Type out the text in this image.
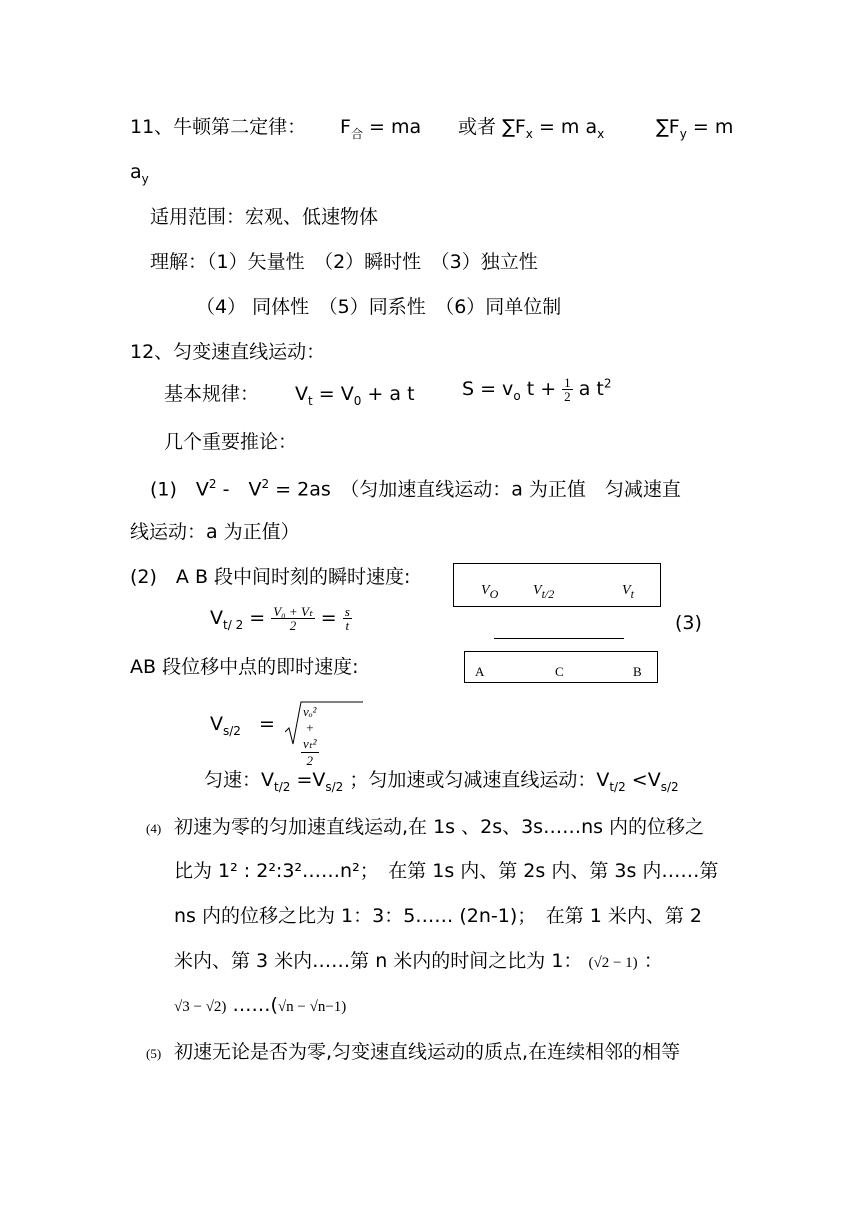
11、牛顿第二定律： $F_合$ = ma 或者 $\sum F_x = m$ $a_x$	$\sum F_y = m$
$a_y$
适用范围：宏观、低速物体
理解：（1）矢量性　（2）瞬时性　（3）独立性
（4） 同体性　（5）同系性　（6）同单位制
12、匀变速直线运动：
基本规律： $V_t = V_0 + a$ t $S = v_o$ $t + \frac{1}{2}$ a $t^2$
几个重要推论：
(1)　$V^2$ -　$V^2 = 2as$　（匀加速直线运动：a 为正值　匀减速直
线运动：a 为正值）
(2)　A B 段中间时刻的瞬时速度:
$V_O$ $V_{t/2}$	$V_t$
$V_{t/ 2} = \frac{\text{V₀ + Vₜ}}{2} = \frac{s}{t}$	(3)
AB 段位移中点的即时速度:	A	C	B
$V_{s/2} = \frac{\text{vₒ² + vₜ²}}{2}$
匀速：$V_{t/2} =V_{s/2}$ ；匀加速或匀减速直线运动：$V_{t/2} <V_{s/2}$
(4) 初速为零的匀加速直线运动,在 1s 、2s、3s……ns 内的位移之
比为 1² : 2²:3²……n²；　在第 1s 内、第 2s 内、第 3s 内……第
ns 内的位移之比为 1：3：5…… (2n-1)；　在第 1 米内、第 2
米内、第 3 米内……第 n 米内的时间之比为 1： (√2 − 1) ：
√3 − √2) ……(√n − √n−1)
(5) 初速无论是否为零,匀变速直线运动的质点,在连续相邻的相等
